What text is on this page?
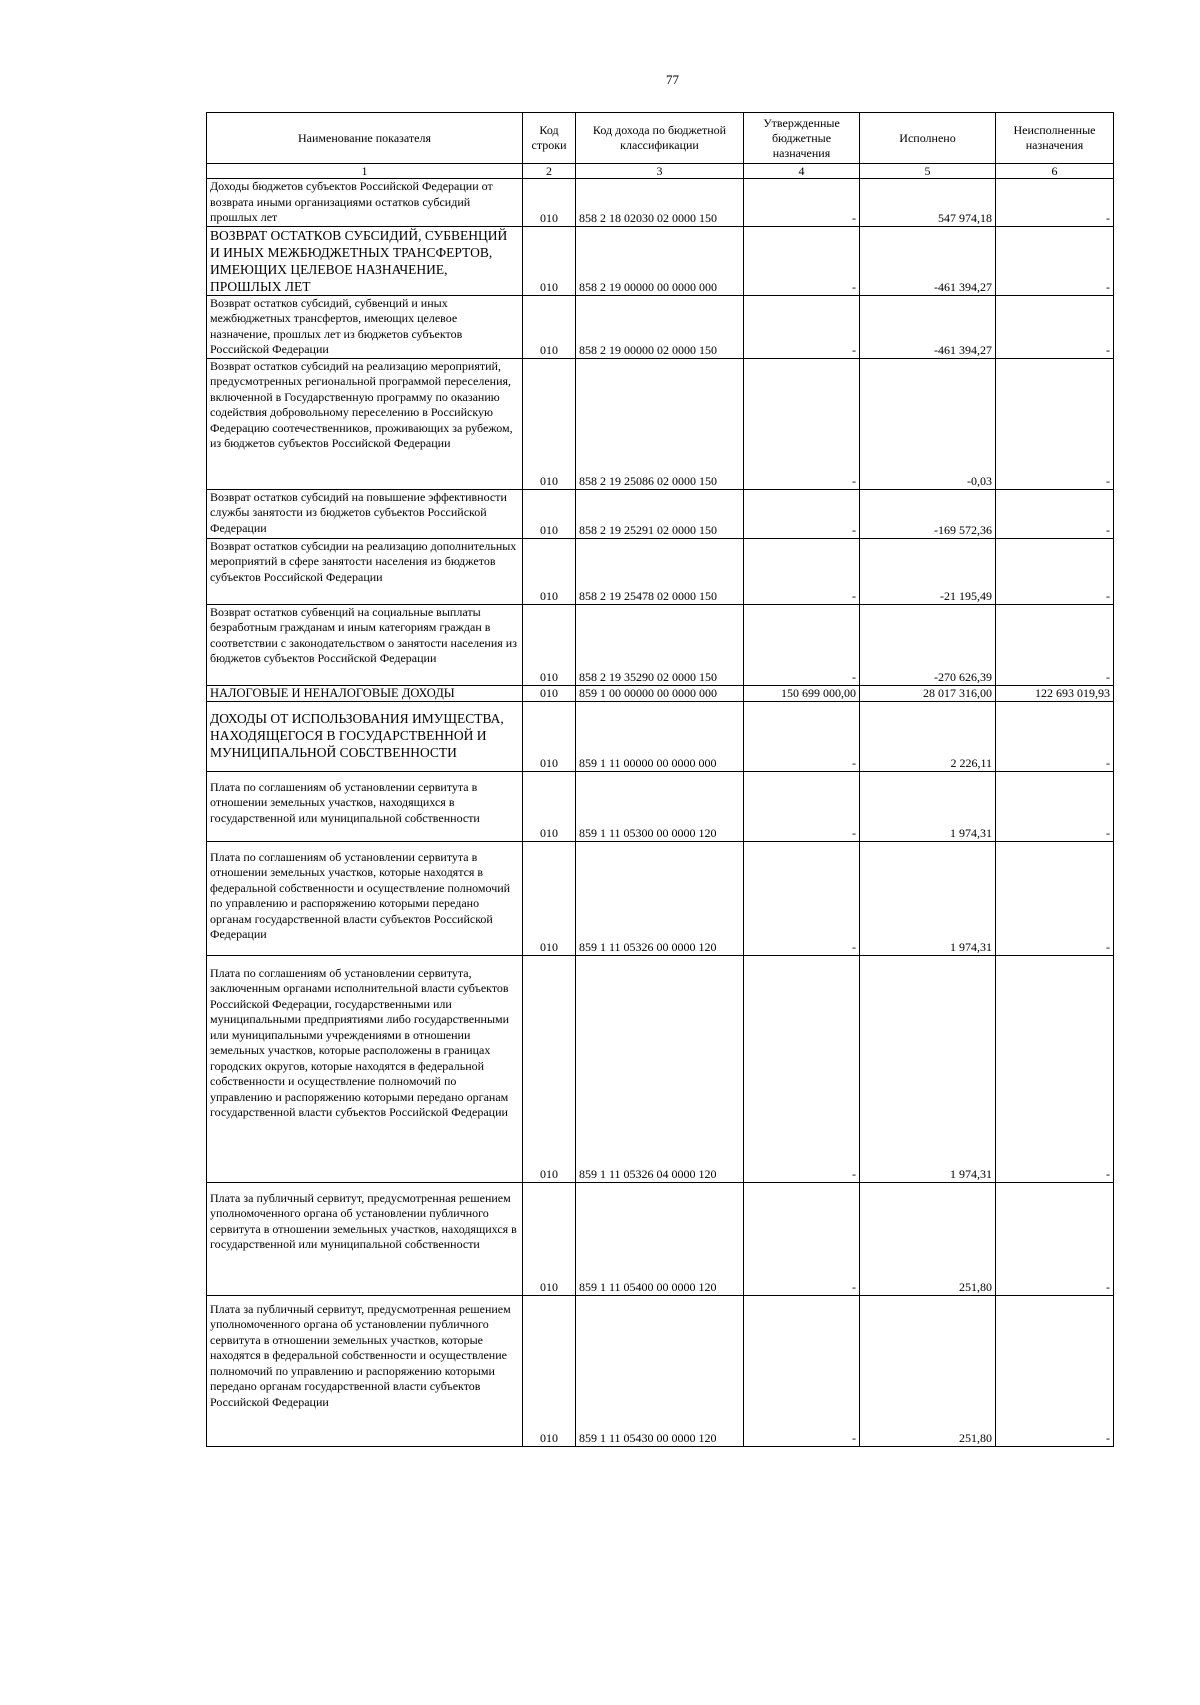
77
Наименование показателя	Код строки	Код дохода по бюджетной классификации	Утвержденные бюджетные назначения	Исполнено	Неисполненные назначения
1	2	3	4	5	6
Доходы бюджетов субъектов Российской Федерации от возврата иными организациями остатков субсидий прошлых лет	010	858 2 18 02030 02 0000 150	-	547 974,18	-
ВОЗВРАТ ОСТАТКОВ СУБСИДИЙ, СУБВЕНЦИЙ И ИНЫХ МЕЖБЮДЖЕТНЫХ ТРАНСФЕРТОВ, ИМЕЮЩИХ ЦЕЛЕВОЕ НАЗНАЧЕНИЕ, ПРОШЛЫХ ЛЕТ	010	858 2 19 00000 00 0000 000	-	-461 394,27	-
Возврат остатков субсидий, субвенций и иных межбюджетных трансфертов, имеющих целевое назначение, прошлых лет из бюджетов субъектов Российской Федерации	010	858 2 19 00000 02 0000 150	-	-461 394,27	-
Возврат остатков субсидий на реализацию мероприятий, предусмотренных региональной программой переселения, включенной в Государственную программу по оказанию содействия добровольному переселению в Российскую Федерацию соотечественников, проживающих за рубежом, из бюджетов субъектов Российской Федерации	010	858 2 19 25086 02 0000 150	-	-0,03	-
Возврат остатков субсидий на повышение эффективности службы занятости из бюджетов субъектов Российской Федерации	010	858 2 19 25291 02 0000 150	-	-169 572,36	-
Возврат остатков субсидии на реализацию дополнительных мероприятий в сфере занятости населения из бюджетов субъектов Российской Федерации	010	858 2 19 25478 02 0000 150	-	-21 195,49	-
Возврат остатков субвенций на социальные выплаты безработным гражданам и иным категориям граждан в соответствии с законодательством о занятости населения из бюджетов субъектов Российской Федерации	010	858 2 19 35290 02 0000 150	-	-270 626,39	-
НАЛОГОВЫЕ И НЕНАЛОГОВЫЕ ДОХОДЫ	010	859 1 00 00000 00 0000 000	150 699 000,00	28 017 316,00	122 693 019,93
ДОХОДЫ ОТ ИСПОЛЬЗОВАНИЯ ИМУЩЕСТВА, НАХОДЯЩЕГОСЯ В ГОСУДАРСТВЕННОЙ И МУНИЦИПАЛЬНОЙ СОБСТВЕННОСТИ	010	859 1 11 00000 00 0000 000	-	2 226,11	-
Плата по соглашениям об установлении сервитута в отношении земельных участков, находящихся в государственной или муниципальной собственности	010	859 1 11 05300 00 0000 120	-	1 974,31	-
Плата по соглашениям об установлении сервитута в отношении земельных участков, которые находятся в федеральной собственности и осуществление полномочий по управлению и распоряжению которыми передано органам государственной власти субъектов Российской Федерации	010	859 1 11 05326 00 0000 120	-	1 974,31	-
Плата по соглашениям об установлении сервитута, заключенным органами исполнительной власти субъектов Российской Федерации, государственными или муниципальными предприятиями либо государственными или муниципальными учреждениями в отношении земельных участков, которые расположены в границах городских округов, которые находятся в федеральной собственности и осуществление полномочий по управлению и распоряжению которыми передано органам государственной власти субъектов Российской Федерации	010	859 1 11 05326 04 0000 120	-	1 974,31	-
Плата за публичный сервитут, предусмотренная решением уполномоченного органа об установлении публичного сервитута в отношении земельных участков, находящихся в государственной или муниципальной собственности	010	859 1 11 05400 00 0000 120	-	251,80	-
Плата за публичный сервитут, предусмотренная решением уполномоченного органа об установлении публичного сервитута в отношении земельных участков, которые находятся в федеральной собственности и осуществление полномочий по управлению и распоряжению которыми передано органам государственной власти субъектов Российской Федерации	010	859 1 11 05430 00 0000 120	-	251,80	-
